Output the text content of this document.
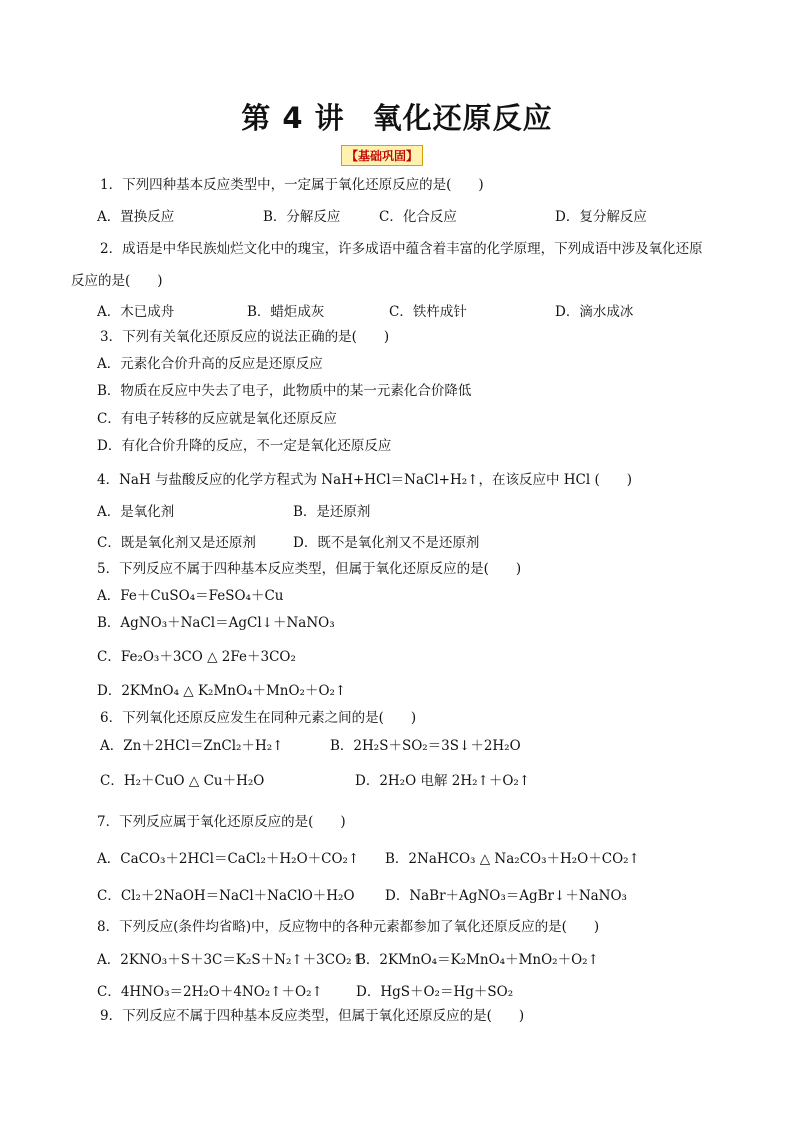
第 4 讲 氧化还原反应
【基础巩固】
1．下列四种基本反应类型中，一定属于氧化还原反应的是(　　)
A．置换反应	B．分解反应	C．化合反应	D．复分解反应
2．成语是中华民族灿烂文化中的瑰宝，许多成语中蕴含着丰富的化学原理，下列成语中涉及氧化还原
反应的是(　　)
A．木已成舟	B．蜡炬成灰	C．铁杵成针	D．滴水成冰
3．下列有关氧化还原反应的说法正确的是(　　)
A．元素化合价升高的反应是还原反应
B．物质在反应中失去了电子，此物质中的某一元素化合价降低
C．有电子转移的反应就是氧化还原反应
D．有化合价升降的反应，不一定是氧化还原反应
4．NaH 与盐酸反应的化学方程式为 NaH+HCl＝NaCl+H₂↑，在该反应中 HCl (　　)
A．是氧化剂	B．是还原剂
C．既是氧化剂又是还原剂	D．既不是氧化剂又不是还原剂
5．下列反应不属于四种基本反应类型，但属于氧化还原反应的是(　　)
A．Fe＋CuSO₄＝FeSO₄＋Cu
B．AgNO₃＋NaCl＝AgCl↓＋NaNO₃
C．Fe₂O₃＋3CO △ 2Fe＋3CO₂
D．2KMnO₄ △ K₂MnO₄＋MnO₂＋O₂↑
6．下列氧化还原反应发生在同种元素之间的是(　　)
A．Zn＋2HCl＝ZnCl₂＋H₂↑	B．2H₂S＋SO₂＝3S↓＋2H₂O
C．H₂＋CuO △ Cu＋H₂O	D．2H₂O 电解 2H₂↑＋O₂↑
7．下列反应属于氧化还原反应的是(　　)
A．CaCO₃＋2HCl＝CaCl₂＋H₂O＋CO₂↑ B．2NaHCO₃ △ Na₂CO₃＋H₂O＋CO₂↑
C．Cl₂＋2NaOH＝NaCl＋NaClO＋H₂O D．NaBr＋AgNO₃＝AgBr↓＋NaNO₃
8．下列反应(条件均省略)中，反应物中的各种元素都参加了氧化还原反应的是(　　)
A．2KNO₃＋S＋3C＝K₂S＋N₂↑＋3CO₂↑
B．2KMnO₄＝K₂MnO₄＋MnO₂＋O₂↑
C．4HNO₃＝2H₂O＋4NO₂↑＋O₂↑ D．HgS＋O₂＝Hg＋SO₂
9．下列反应不属于四种基本反应类型，但属于氧化还原反应的是(　　)
